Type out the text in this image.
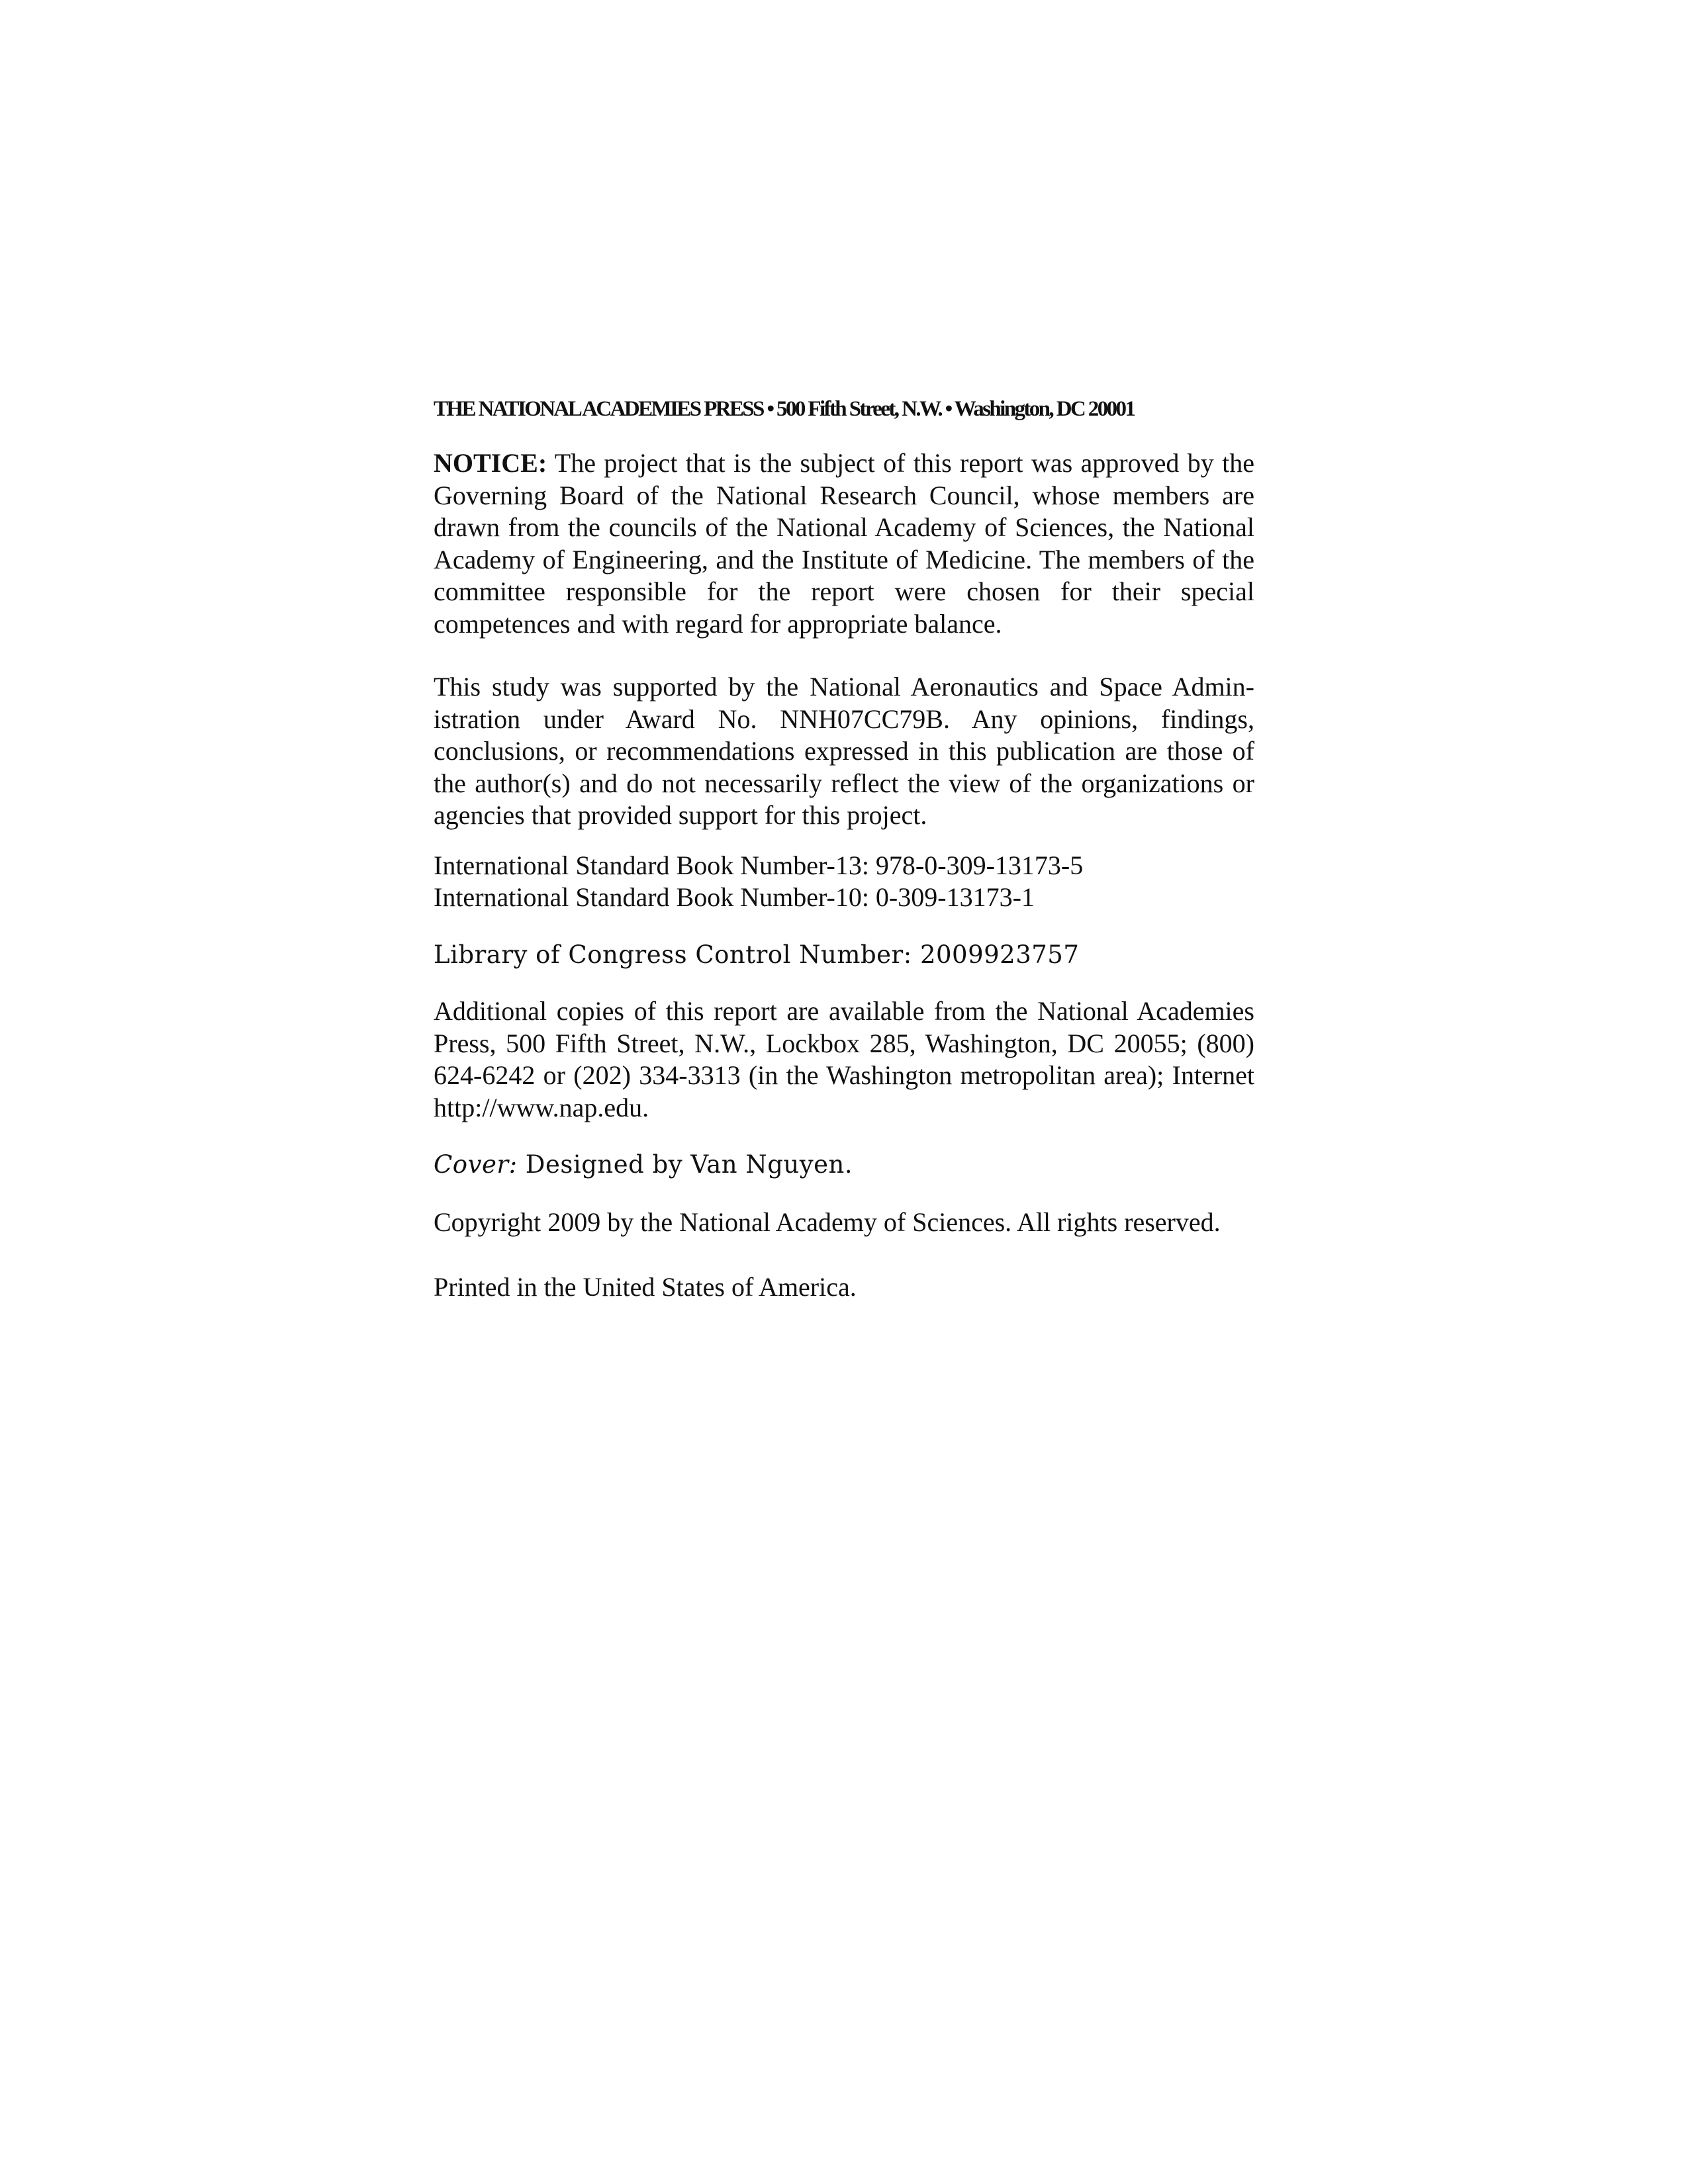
THE NATIONAL ACADEMIES PRESS • 500 Fifth Street, N.W. • Washington, DC 20001

NOTICE: The project that is the subject of this report was approved by the Governing Board of the National Research Council, whose members are drawn from the councils of the National Academy of Sciences, the National Academy of Engineering, and the Institute of Medicine. The members of the committee responsible for the report were chosen for their special competences and with regard for appropriate balance.

This study was supported by the National Aeronautics and Space Administration under Award No. NNH07CC79B. Any opinions, findings, conclusions, or recommendations expressed in this publication are those of the author(s) and do not necessarily reflect the view of the organizations or agencies that provided support for this project.

International Standard Book Number-13: 978-0-309-13173-5
International Standard Book Number-10: 0-309-13173-1

Library of Congress Control Number: 2009923757

Additional copies of this report are available from the National Academies Press, 500 Fifth Street, N.W., Lockbox 285, Washington, DC 20055; (800) 624-6242 or (202) 334-3313 (in the Washington metropolitan area); Internet http://www.nap.edu.

Cover: Designed by Van Nguyen.

Copyright 2009 by the National Academy of Sciences. All rights reserved.

Printed in the United States of America.
